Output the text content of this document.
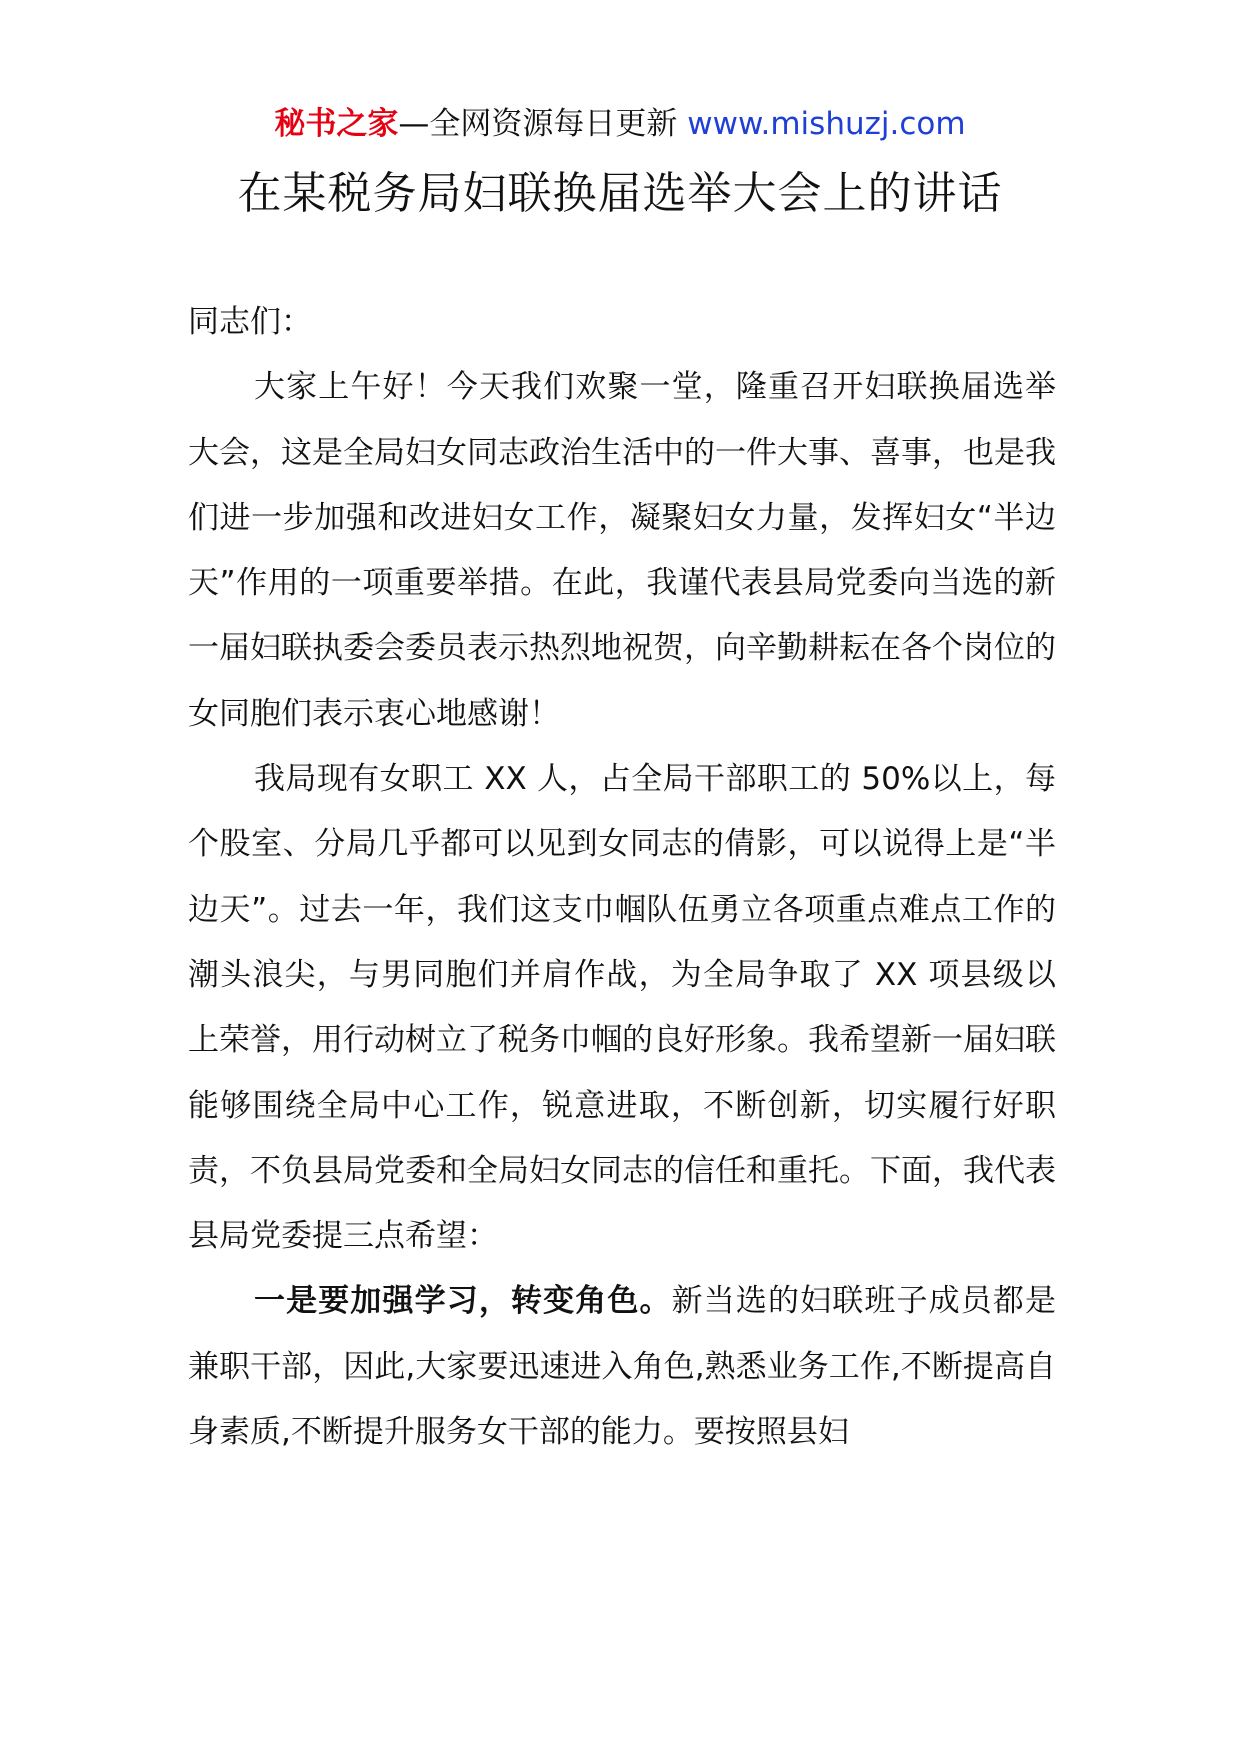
秘书之家—全网资源每日更新 www.mishuzj.com
在某税务局妇联换届选举大会上的讲话

同志们：

大家上午好！今天我们欢聚一堂，隆重召开妇联换届选举大会，这是全局妇女同志政治生活中的一件大事、喜事，也是我们进一步加强和改进妇女工作，凝聚妇女力量，发挥妇女“半边天”作用的一项重要举措。在此，我谨代表县局党委向当选的新一届妇联执委会委员表示热烈地祝贺，向辛勤耕耘在各个岗位的女同胞们表示衷心地感谢！

我局现有女职工 XX 人，占全局干部职工的 50%以上，每个股室、分局几乎都可以见到女同志的倩影，可以说得上是“半边天”。过去一年，我们这支巾帼队伍勇立各项重点难点工作的潮头浪尖，与男同胞们并肩作战，为全局争取了 XX 项县级以上荣誉，用行动树立了税务巾帼的良好形象。我希望新一届妇联能够围绕全局中心工作，锐意进取，不断创新，切实履行好职责，不负县局党委和全局妇女同志的信任和重托。下面，我代表县局党委提三点希望：

一是要加强学习，转变角色。新当选的妇联班子成员都是兼职干部，因此,大家要迅速进入角色,熟悉业务工作,不断提高自身素质,不断提升服务女干部的能力。要按照县妇
